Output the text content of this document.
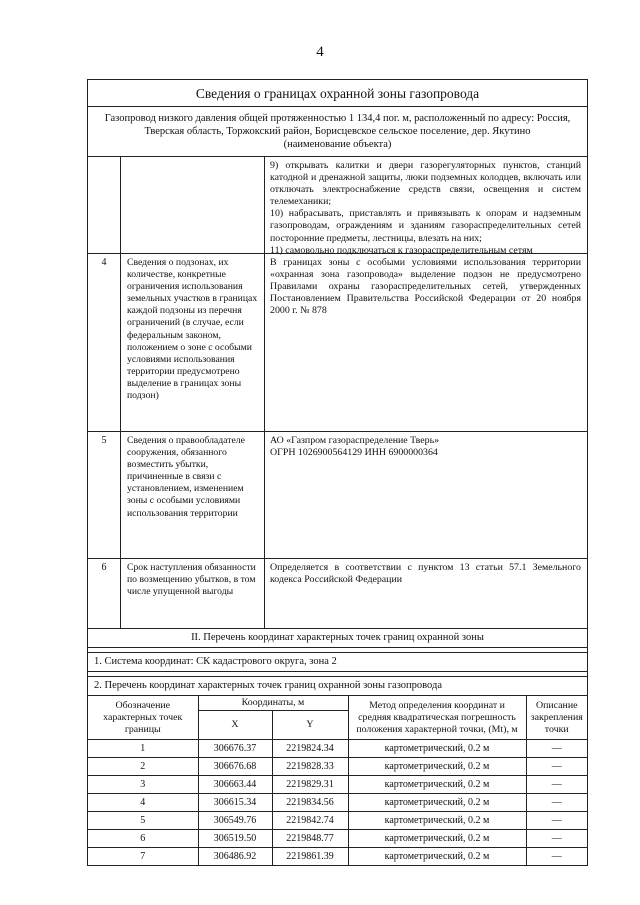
4
Сведения о границах охранной зоны газопровода
Газопровод низкого давления общей протяженностью 1 134,4 пог. м, расположенный по адресу: Россия,
Тверская область, Торжокский район, Борисцевское сельское поселение, дер. Якутино
(наименование объекта)

9) открывать калитки и двери газорегуляторных пунктов, станций катодной и дренажной защиты, люки подземных колодцев, включать или отключать электроснабжение средств связи, освещения и систем телемеханики;

10) набрасывать, приставлять и привязывать к опорам и надземным газопроводам, ограждениям и зданиям газораспределительных сетей посторонние предметы, лестницы, влезать на них;

11) самовольно подключаться к газораспределительным сетям

4	Сведения о подзонах, их количестве, конкретные ограничения использования земельных участков в границах каждой подзоны из перечня ограничений (в случае, если федеральным законом, положением о зоне с особыми условиями использования территории предусмотрено выделение в границах зоны подзон)
В границах зоны с особыми условиями использования территории «охранная зона газопровода» выделение подзон не предусмотрено Правилами охраны газораспределительных сетей, утвержденных Постановлением Правительства Российской Федерации от 20 ноября 2000 г. № 878
5	Сведения о правообладателе сооружения, обязанного возместить убытки, причиненные в связи с установлением, изменением зоны с особыми условиями использования территории
АО «Газпром газораспределение Тверь»
ОГРН 1026900564129 ИНН 6900000364
6	Срок наступления обязанности по возмещению убытков, в том числе упущенной выгоды
Определяется в соответствии с пунктом 13 статьи 57.1 Земельного кодекса Российской Федерации
II. Перечень координат характерных точек границ охранной зоны
1. Система координат: СК кадастрового округа, зона 2
2. Перечень координат характерных точек границ охранной зоны газопровода
Обозначение характерных точек границы	Координаты, м		Метод определения координат и средняя квадратическая погрешность положения характерной точки, (Mt), м	Описание закрепления точки
	X	Y		
1	306676.37	2219824.34	картометрический, 0.2 м	—
2	306676.68	2219828.33	картометрический, 0.2 м	—
3	306663.44	2219829.31	картометрический, 0.2 м	—
4	306615.34	2219834.56	картометрический, 0.2 м	—
5	306549.76	2219842.74	картометрический, 0.2 м	—
6	306519.50	2219848.77	картометрический, 0.2 м	—
7	306486.92	2219861.39	картометрический, 0.2 м	—
